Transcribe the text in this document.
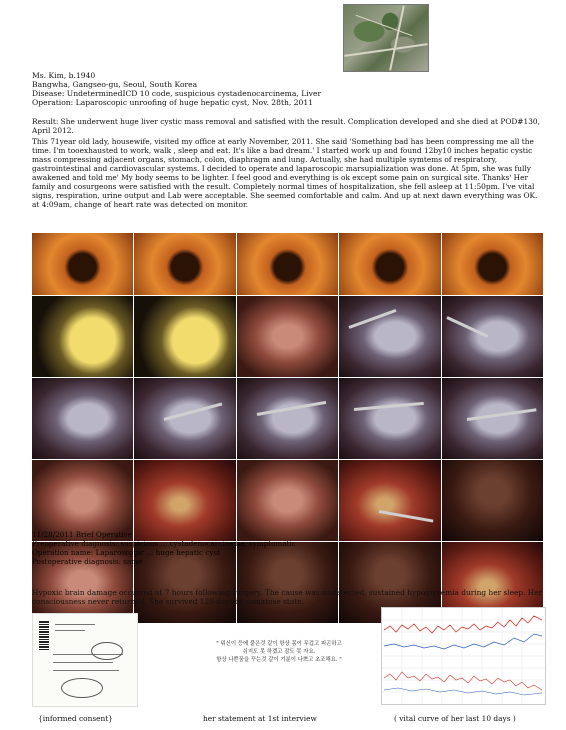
Ms. Kim, b.1940
Bangwha, Gangseo-gu, Seoul, South Korea
Disease: UndeterminedICD 10 code, suspicious cystadenocarcinema, Liver
Operation: Laparoscopic unroofing of huge hepatic cyst, Nov. 28th, 2011
Result: She underwent huge liver cystic mass removal and satisfied with the result. Complication developed and she died at POD#130, April 2012.
This 71year old lady, housewife, visited my office at early November, 2011. She said 'Something bad has been compressing me all the time. I'm tooexhausted to work, walk , sleep and eat. It's like a bad dream.' I started work up and found 12by10 inches hepatic cystic mass compressing adjacent organs, stomach, colon, diaphragm and lung. Actually, she had multiple symtems of respiratory, gastrointestinal and cardiovascular systems. I decided to operate and laparoscopic marsupialization was done. At 5pm, she was fully awakened and told me' My body seems to be lighter. I feel good and everything is ok except some pain on surgical site. Thanks' Her family and cosurgeons were satisfied with the result. Completely normal times of hospitalization, she fell asleep at 11:50pm. I've vital signs, respiration, urine output and Lab were acceptable. She seemed comfortable and calm. And up at next dawn everything was OK. at 4:09am, change of heart rate was detected on monitor.
11/28/2011 Brief Operative
Preoperative diagnosis: suspicious ... cystadenocarcinema, symptomatic
Operation name: Laparoscopic ... huge hepatic cyst
Postoperative diagnosis: same
Hypoxic brain damage occurred at 7 hours following surgery. The cause was undetected, sustained hypoglycemia during her sleep. Her consciousness never returned. She survived 129 days in comatose state.
" 뭐신이 등에 붙은것 같이 항상 몸이 무겁고 피곤하고
쉬지도 못 하겠고 잠도 못 자요.
항상 나쁜꿈을 꾸는것 같이 기분이 나쁘고 초조해요. "
{informed consent}	her statement at 1st interview	( vital curve of her last 10 days )
